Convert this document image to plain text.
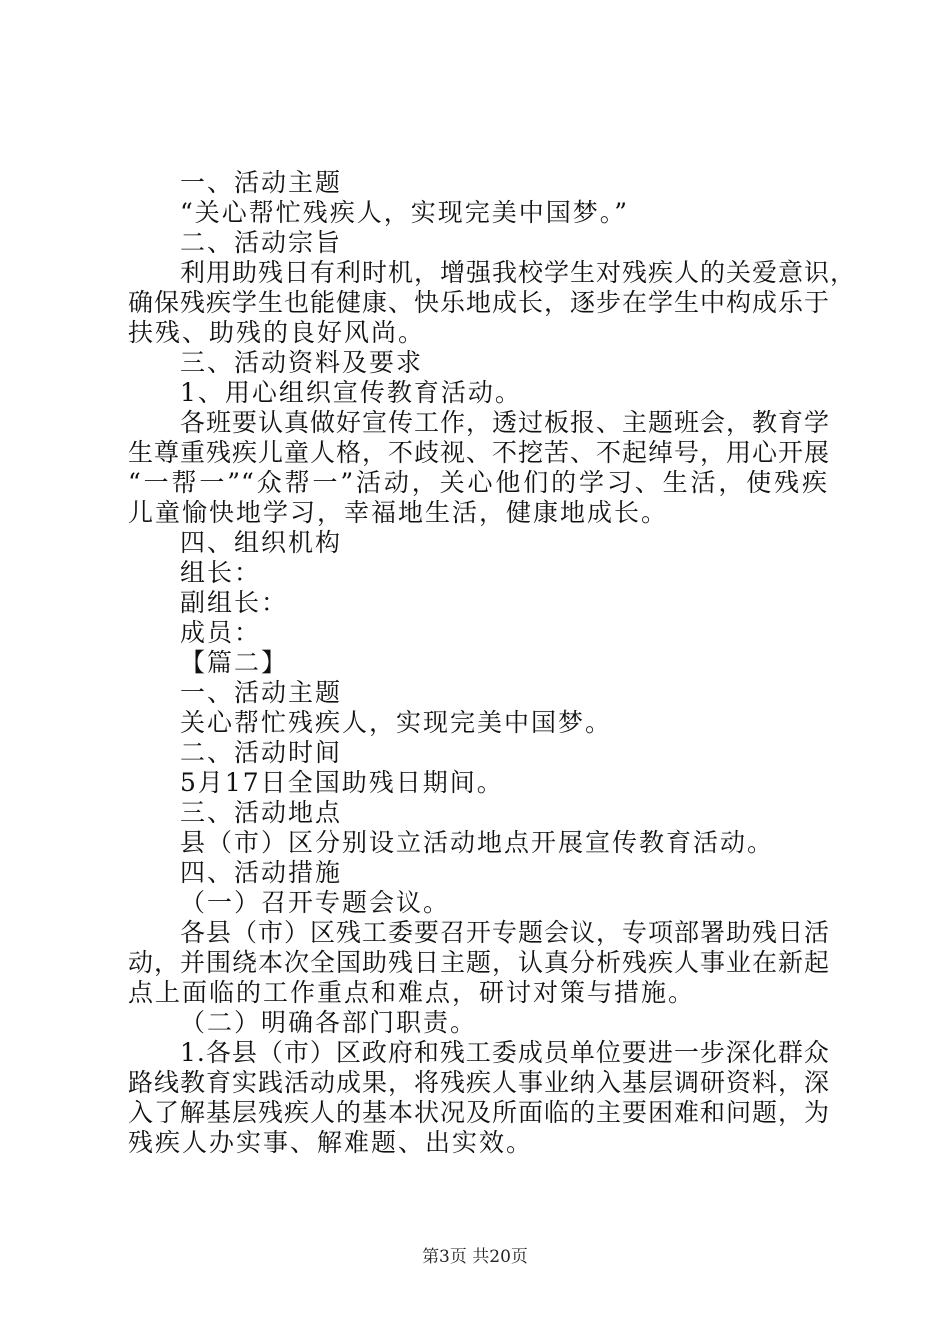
一、活动主题
“关心帮忙残疾人，实现完美中国梦。”
二、活动宗旨
利用助残日有利时机，增强我校学生对残疾人的关爱意识，
确保残疾学生也能健康、快乐地成长，逐步在学生中构成乐于
扶残、助残的良好风尚。
三、活动资料及要求
1、用心组织宣传教育活动。
各班要认真做好宣传工作，透过板报、主题班会，教育学
生尊重残疾儿童人格，不歧视、不挖苦、不起绰号，用心开展
“一帮一”“众帮一”活动，关心他们的学习、生活，使残疾
儿童愉快地学习，幸福地生活，健康地成长。
四、组织机构
组长：
副组长：
成员：
【篇二】
一、活动主题
关心帮忙残疾人，实现完美中国梦。
二、活动时间
5月17日全国助残日期间。
三、活动地点
县（市）区分别设立活动地点开展宣传教育活动。
四、活动措施
（一）召开专题会议。
各县（市）区残工委要召开专题会议，专项部署助残日活
动，并围绕本次全国助残日主题，认真分析残疾人事业在新起
点上面临的工作重点和难点，研讨对策与措施。
（二）明确各部门职责。
1.各县（市）区政府和残工委成员单位要进一步深化群众
路线教育实践活动成果，将残疾人事业纳入基层调研资料，深
入了解基层残疾人的基本状况及所面临的主要困难和问题，为
残疾人办实事、解难题、出实效。
第3页 共20页
